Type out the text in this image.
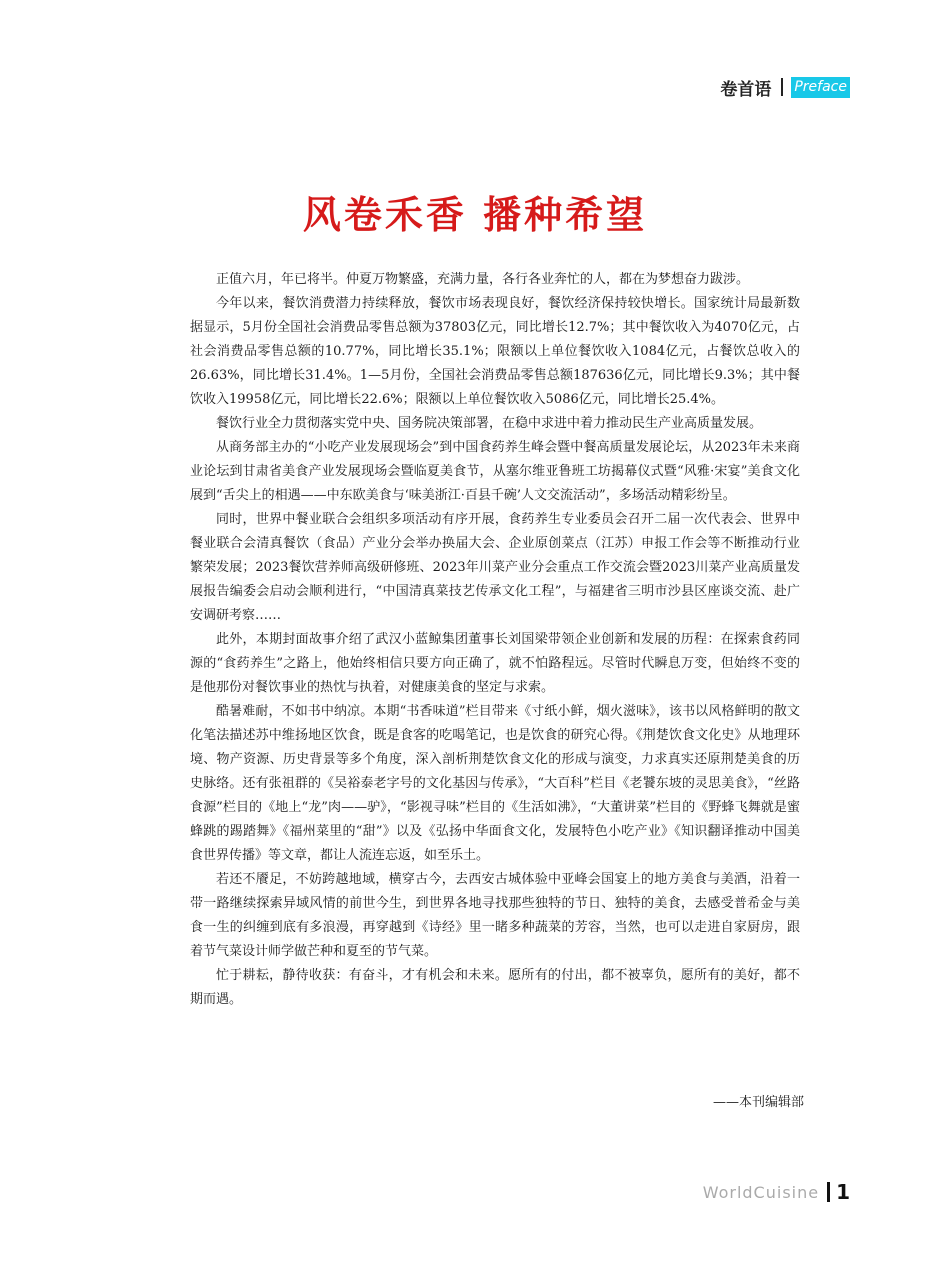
卷首语 Preface
风卷禾香 播种希望

正值六月，年已将半。仲夏万物繁盛，充满力量，各行各业奔忙的人，都在为梦想奋力跋涉。

今年以来，餐饮消费潜力持续释放，餐饮市场表现良好，餐饮经济保持较快增长。国家统计局最新数据显示，5月份全国社会消费品零售总额为37803亿元，同比增长12.7%；其中餐饮收入为4070亿元，占社会消费品零售总额的10.77%，同比增长35.1%；限额以上单位餐饮收入1084亿元，占餐饮总收入的26.63%，同比增长31.4%。1—5月份，全国社会消费品零售总额187636亿元，同比增长9.3%；其中餐饮收入19958亿元，同比增长22.6%；限额以上单位餐饮收入5086亿元，同比增长25.4%。

餐饮行业全力贯彻落实党中央、国务院决策部署，在稳中求进中着力推动民生产业高质量发展。

从商务部主办的“小吃产业发展现场会”到中国食药养生峰会暨中餐高质量发展论坛，从2023年未来商业论坛到甘肃省美食产业发展现场会暨临夏美食节，从塞尔维亚鲁班工坊揭幕仪式暨“风雅·宋宴”美食文化展到“舌尖上的相遇——中东欧美食与‘味美浙江·百县千碗’人文交流活动”，多场活动精彩纷呈。

同时，世界中餐业联合会组织多项活动有序开展，食药养生专业委员会召开二届一次代表会、世界中餐业联合会清真餐饮（食品）产业分会举办换届大会、企业原创菜点（江苏）申报工作会等不断推动行业繁荣发展；2023餐饮营养师高级研修班、2023年川菜产业分会重点工作交流会暨2023川菜产业高质量发展报告编委会启动会顺利进行，“中国清真菜技艺传承文化工程”，与福建省三明市沙县区座谈交流、赴广安调研考察……

此外，本期封面故事介绍了武汉小蓝鲸集团董事长刘国梁带领企业创新和发展的历程：在探索食药同源的“食药养生”之路上，他始终相信只要方向正确了，就不怕路程远。尽管时代瞬息万变，但始终不变的是他那份对餐饮事业的热忱与执着，对健康美食的坚定与求索。

酷暑难耐，不如书中纳凉。本期“书香味道”栏目带来《寸纸小鲜，烟火滋味》，该书以风格鲜明的散文化笔法描述苏中维扬地区饮食，既是食客的吃喝笔记，也是饮食的研究心得。《荆楚饮食文化史》从地理环境、物产资源、历史背景等多个角度，深入剖析荆楚饮食文化的形成与演变，力求真实还原荆楚美食的历史脉络。还有张祖群的《吴裕泰老字号的文化基因与传承》，“大百科”栏目《老饕东坡的灵思美食》，“丝路食源”栏目的《地上“龙”肉——驴》，“影视寻味”栏目的《生活如沸》，“大董讲菜”栏目的《野蜂飞舞就是蜜蜂跳的踢踏舞》《福州菜里的“甜”》以及《弘扬中华面食文化，发展特色小吃产业》《知识翻译推动中国美食世界传播》等文章，都让人流连忘返，如至乐土。

若还不餍足，不妨跨越地域，横穿古今，去西安古城体验中亚峰会国宴上的地方美食与美酒，沿着一带一路继续探索异域风情的前世今生，到世界各地寻找那些独特的节日、独特的美食，去感受普希金与美食一生的纠缠到底有多浪漫，再穿越到《诗经》里一睹多种蔬菜的芳容，当然，也可以走进自家厨房，跟着节气菜设计师学做芒种和夏至的节气菜。

忙于耕耘，静待收获：有奋斗，才有机会和未来。愿所有的付出，都不被辜负，愿所有的美好，都不期而遇。

——本刊编辑部
WorldCuisine 1
